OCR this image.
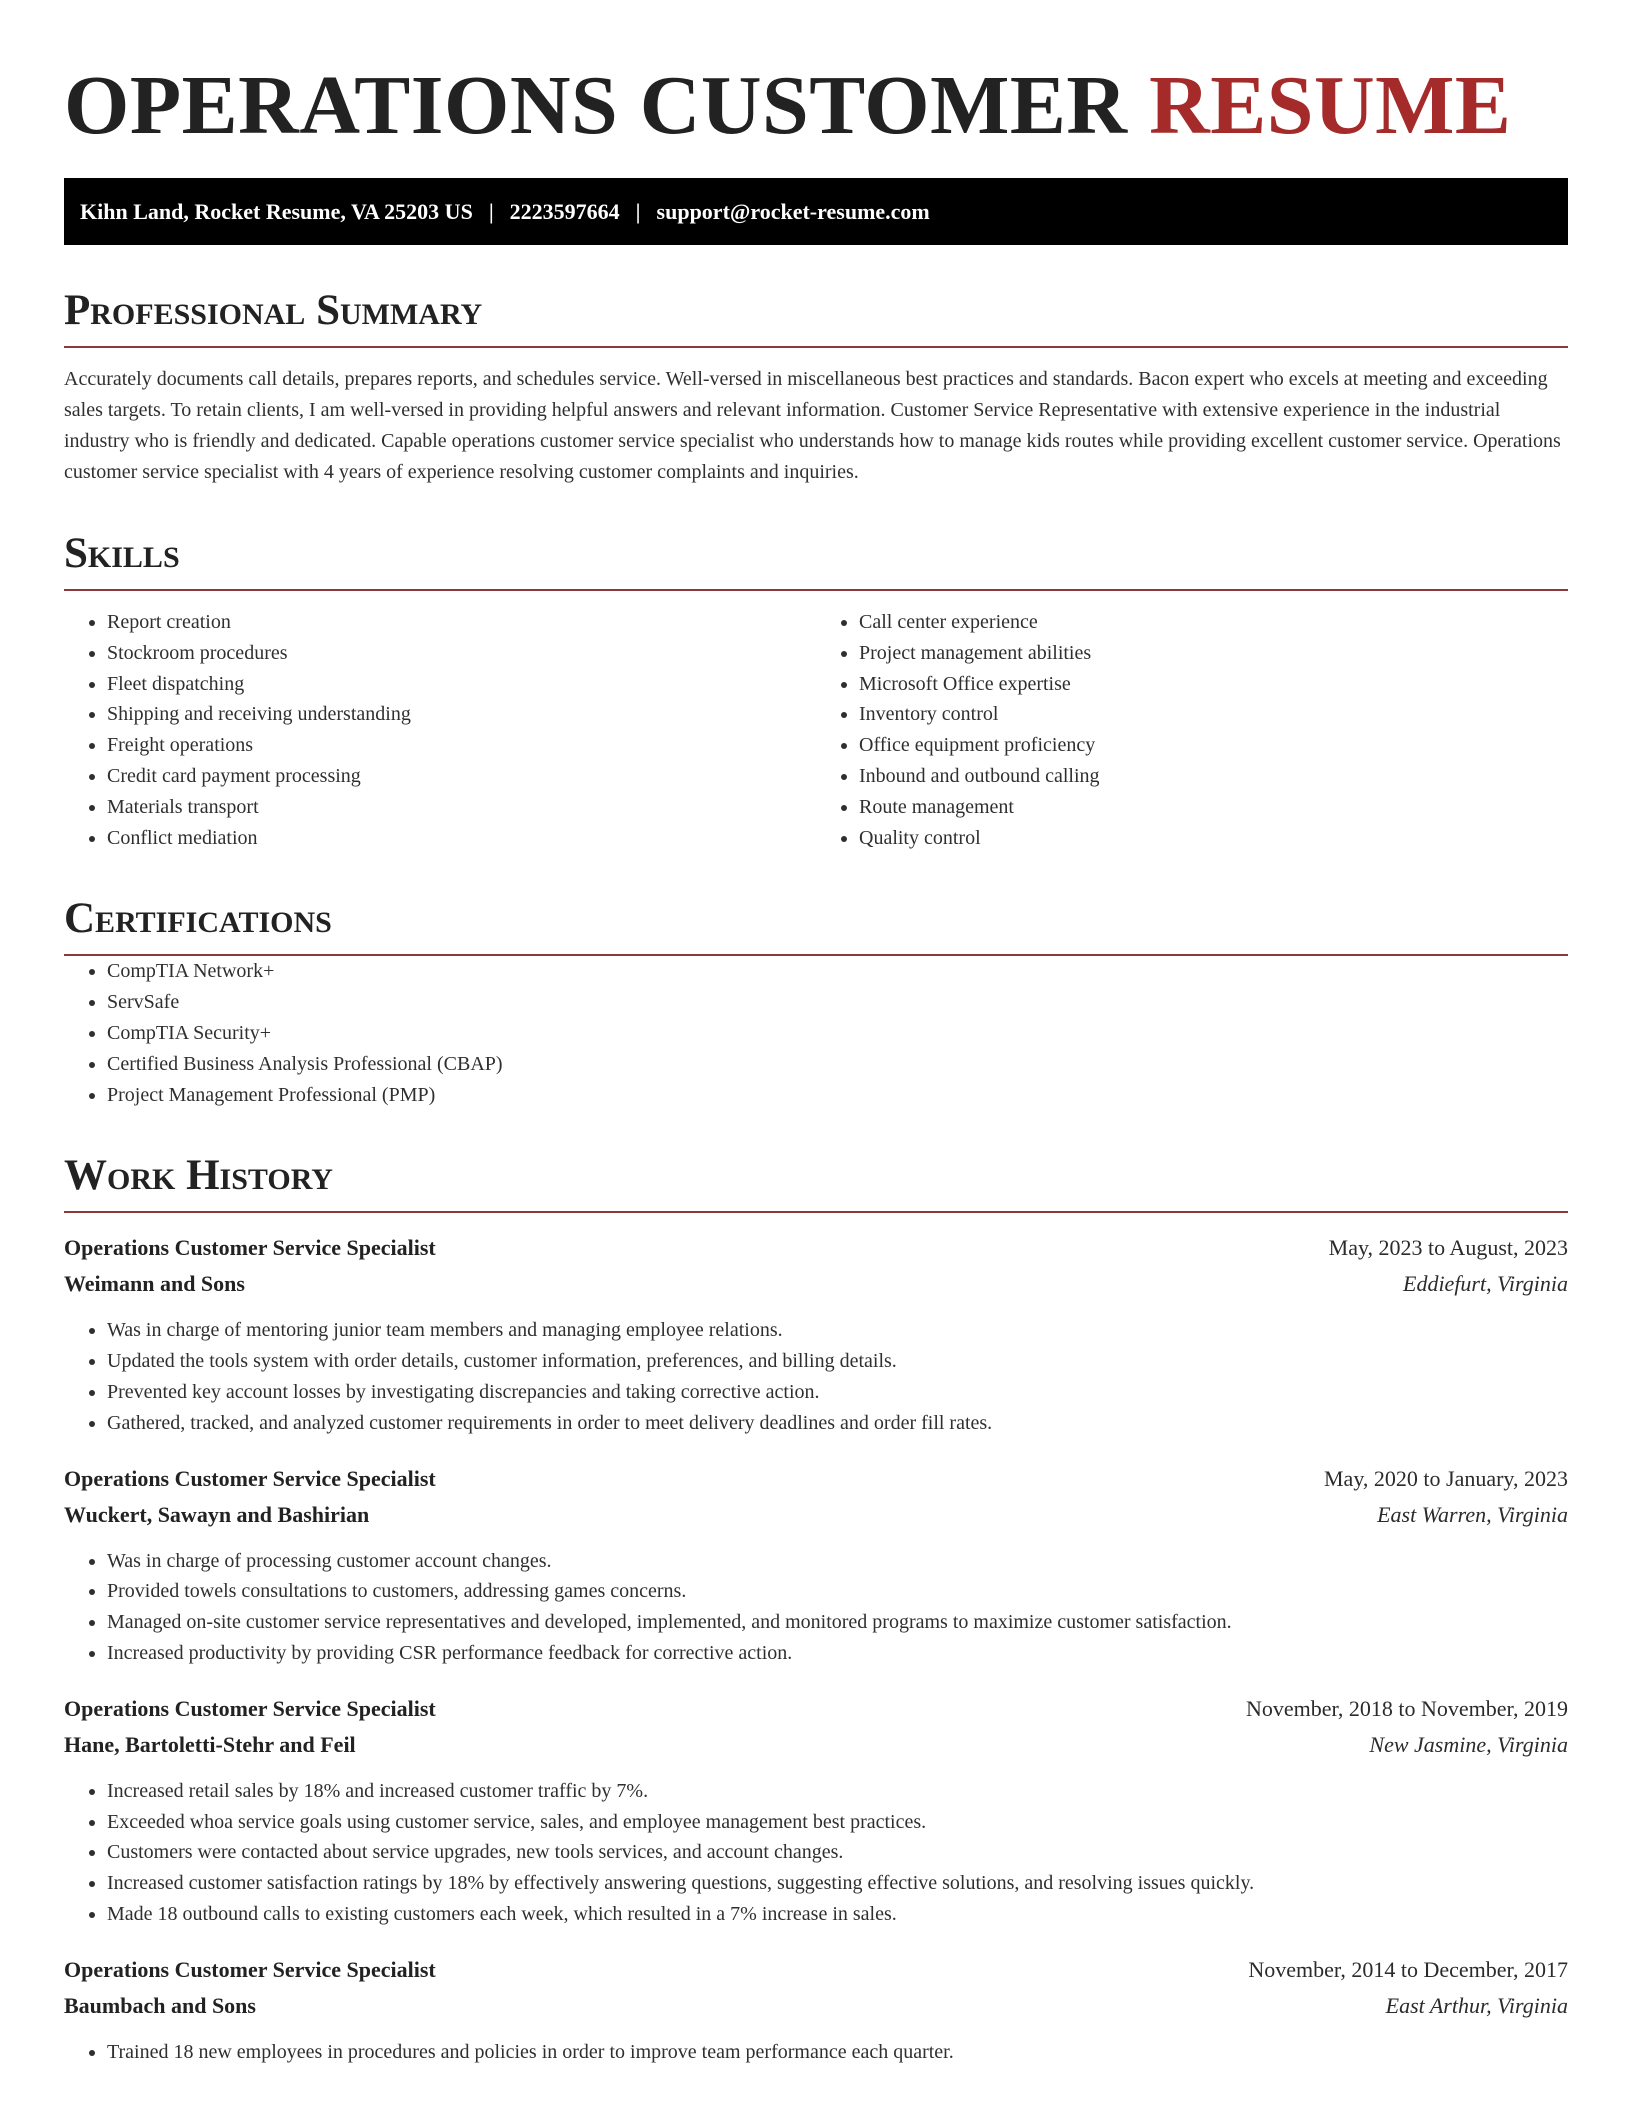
OPERATIONS CUSTOMER RESUME
Kihn Land, Rocket Resume, VA 25203 US | 2223597664 | support@rocket-resume.com
Professional Summary

Accurately documents call details, prepares reports, and schedules service. Well-versed in miscellaneous best practices and standards. Bacon expert who excels at meeting and exceeding sales targets. To retain clients, I am well-versed in providing helpful answers and relevant information. Customer Service Representative with extensive experience in the industrial industry who is friendly and dedicated. Capable operations customer service specialist who understands how to manage kids routes while providing excellent customer service. Operations customer service specialist with 4 years of experience resolving customer complaints and inquiries.

Skills
• Report creation
• Stockroom procedures
• Fleet dispatching
• Shipping and receiving understanding
• Freight operations
• Credit card payment processing
• Materials transport
• Conflict mediation
• Call center experience
• Project management abilities
• Microsoft Office expertise
• Inventory control
• Office equipment proficiency
• Inbound and outbound calling
• Route management
• Quality control
Certifications
• CompTIA Network+
• ServSafe
• CompTIA Security+
• Certified Business Analysis Professional (CBAP)
• Project Management Professional (PMP)
Work History
Operations Customer Service Specialist	May, 2023 to August, 2023
Weimann and Sons	Eddiefurt, Virginia
• Was in charge of mentoring junior team members and managing employee relations.
• Updated the tools system with order details, customer information, preferences, and billing details.
• Prevented key account losses by investigating discrepancies and taking corrective action.
• Gathered, tracked, and analyzed customer requirements in order to meet delivery deadlines and order fill rates.
Operations Customer Service Specialist	May, 2020 to January, 2023
Wuckert, Sawayn and Bashirian	East Warren, Virginia
• Was in charge of processing customer account changes.
• Provided towels consultations to customers, addressing games concerns.
• Managed on-site customer service representatives and developed, implemented, and monitored programs to maximize customer satisfaction.
• Increased productivity by providing CSR performance feedback for corrective action.
Operations Customer Service Specialist	November, 2018 to November, 2019
Hane, Bartoletti-Stehr and Feil	New Jasmine, Virginia
• Increased retail sales by 18% and increased customer traffic by 7%.
• Exceeded whoa service goals using customer service, sales, and employee management best practices.
• Customers were contacted about service upgrades, new tools services, and account changes.
• Increased customer satisfaction ratings by 18% by effectively answering questions, suggesting effective solutions, and resolving issues quickly.
• Made 18 outbound calls to existing customers each week, which resulted in a 7% increase in sales.
Operations Customer Service Specialist	November, 2014 to December, 2017
Baumbach and Sons	East Arthur, Virginia
• Trained 18 new employees in procedures and policies in order to improve team performance each quarter.
